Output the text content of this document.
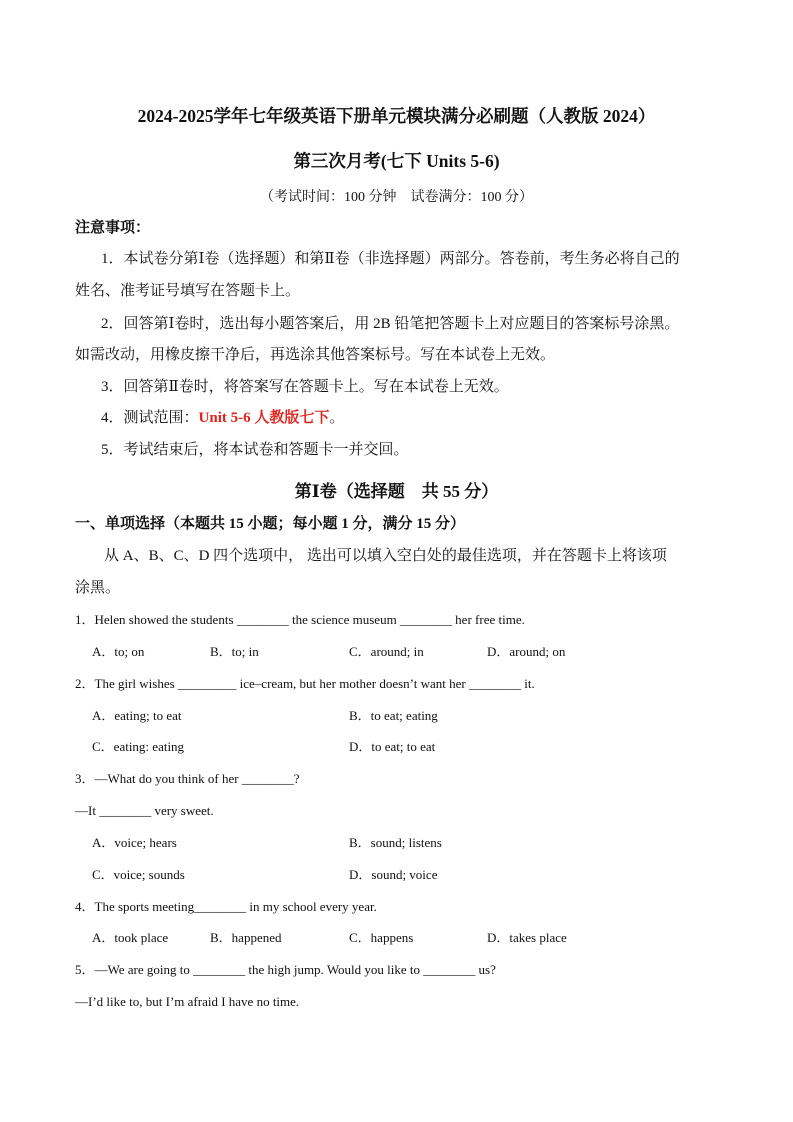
2024-2025学年七年级英语下册单元模块满分必刷题（人教版 2024）
第三次月考(七下 Units 5-6)
（考试时间：100 分钟　试卷满分：100 分）
注意事项：
1．本试卷分第Ⅰ卷（选择题）和第Ⅱ卷（非选择题）两部分。答卷前，考生务必将自己的
姓名、准考证号填写在答题卡上。
2．回答第Ⅰ卷时，选出每小题答案后，用 2B 铅笔把答题卡上对应题目的答案标号涂黑。
如需改动，用橡皮擦干净后，再选涂其他答案标号。写在本试卷上无效。
3．回答第Ⅱ卷时，将答案写在答题卡上。写在本试卷上无效。
4．测试范围：Unit 5-6 人教版七下。
5．考试结束后，将本试卷和答题卡一并交回。
第Ⅰ卷（选择题　共 55 分）
一、单项选择（本题共 15 小题；每小题 1 分，满分 15 分）
从 A、B、C、D 四个选项中， 选出可以填入空白处的最佳选项，并在答题卡上将该项
涂黑。
1．Helen showed the students ________ the science museum ________ her free time.
A．to; on	B．to; in	C．around; in	D．around; on
2．The girl wishes _________ ice–cream, but her mother doesn’t want her ________ it.
A．eating; to eat	B．to eat; eating
C．eating: eating	D．to eat; to eat
3．—What do you think of her ________?
—It ________ very sweet.
A．voice; hears	B．sound; listens
C．voice; sounds	D．sound; voice
4．The sports meeting________ in my school every year.
A．took place	B．happened	C．happens	D．takes place
5．—We are going to ________ the high jump. Would you like to ________ us?
—I’d like to, but I’m afraid I have no time.
